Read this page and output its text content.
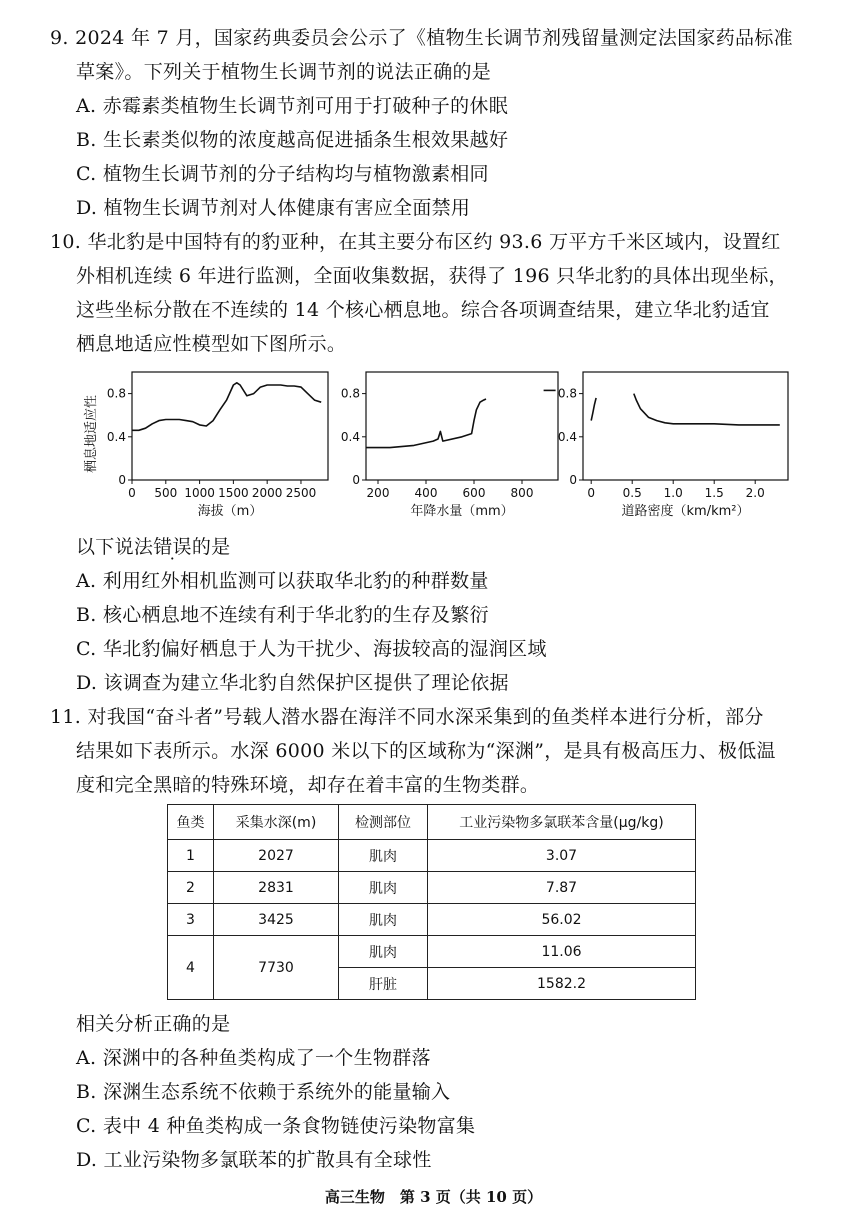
9. 2024 年 7 月，国家药典委员会公示了《植物生长调节剂残留量测定法国家药品标准
草案》。下列关于植物生长调节剂的说法正确的是
A. 赤霉素类植物生长调节剂可用于打破种子的休眠
B. 生长素类似物的浓度越高促进插条生根效果越好
C. 植物生长调节剂的分子结构均与植物激素相同
D. 植物生长调节剂对人体健康有害应全面禁用
10. 华北豹是中国特有的豹亚种，在其主要分布区约 93.6 万平方千米区域内，设置红
外相机连续 6 年进行监测，全面收集数据，获得了 196 只华北豹的具体出现坐标，
这些坐标分散在不连续的 14 个核心栖息地。综合各项调查结果，建立华北豹适宜
栖息地适应性模型如下图所示。
0
0.4
0.8
0 500 1000 1500 2000 2500
海拔（m）
栖息地适应性
0
0.4
0.8
200 400 600 800
年降水量（mm）
0
0.4
0.8
0 0.5 1.0 1.5 2.0
道路密度（km/km²）
以下说法错误的是
A. 利用红外相机监测可以获取华北豹的种群数量
B. 核心栖息地不连续有利于华北豹的生存及繁衍
C. 华北豹偏好栖息于人为干扰少、海拔较高的湿润区域
D. 该调查为建立华北豹自然保护区提供了理论依据
11. 对我国“奋斗者”号载人潜水器在海洋不同水深采集到的鱼类样本进行分析，部分
结果如下表所示。水深 6000 米以下的区域称为“深渊”，是具有极高压力、极低温
度和完全黑暗的特殊环境，却存在着丰富的生物类群。
鱼类	采集水深(m)	检测部位	工业污染物多氯联苯含量(μg/kg)
1	2027	肌肉	3.07
2	2831	肌肉	7.87
3	3425	肌肉	56.02
4	7730	肌肉	11.06
		肝脏	1582.2
相关分析正确的是
A. 深渊中的各种鱼类构成了一个生物群落
B. 深渊生态系统不依赖于系统外的能量输入
C. 表中 4 种鱼类构成一条食物链使污染物富集
D. 工业污染物多氯联苯的扩散具有全球性
高三生物　第 3 页（共 10 页）
